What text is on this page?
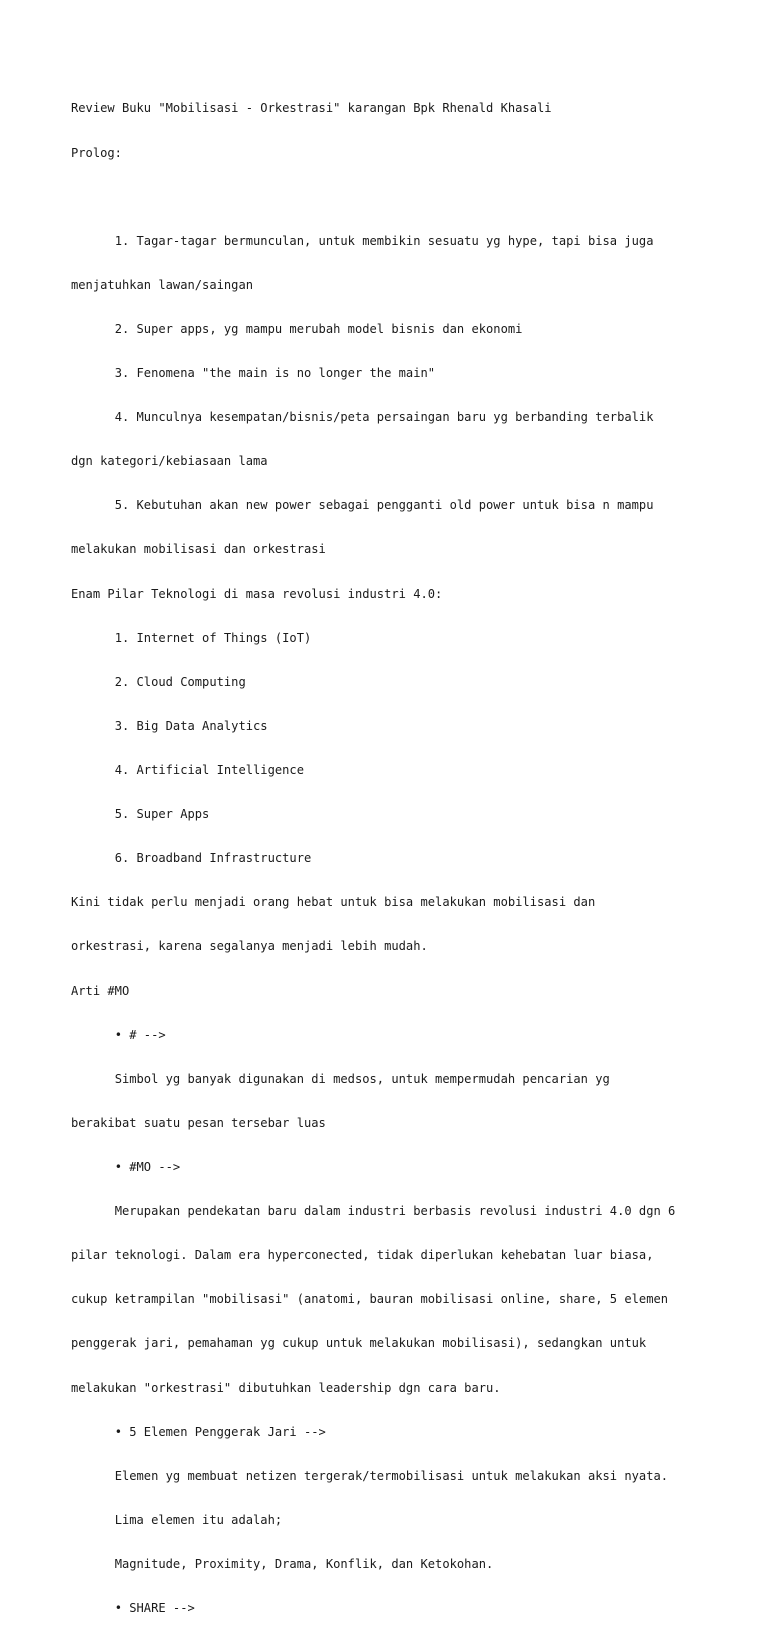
Review Buku "Mobilisasi - Orkestrasi" karangan Bpk Rhenald Khasali

Prolog:

1. Tagar-tagar bermunculan, untuk membikin sesuatu yg hype, tapi bisa juga

menjatuhkan lawan/saingan

2. Super apps, yg mampu merubah model bisnis dan ekonomi

3. Fenomena "the main is no longer the main"

4. Munculnya kesempatan/bisnis/peta persaingan baru yg berbanding terbalik

dgn kategori/kebiasaan lama

5. Kebutuhan akan new power sebagai pengganti old power untuk bisa n mampu

melakukan mobilisasi dan orkestrasi

Enam Pilar Teknologi di masa revolusi industri 4.0:

1. Internet of Things (IoT)

2. Cloud Computing

3. Big Data Analytics

4. Artificial Intelligence

5. Super Apps

6. Broadband Infrastructure

Kini tidak perlu menjadi orang hebat untuk bisa melakukan mobilisasi dan

orkestrasi, karena segalanya menjadi lebih mudah.

Arti #MO

• # -->

Simbol yg banyak digunakan di medsos, untuk mempermudah pencarian yg

berakibat suatu pesan tersebar luas

• #MO -->

Merupakan pendekatan baru dalam industri berbasis revolusi industri 4.0 dgn 6

pilar teknologi. Dalam era hyperconected, tidak diperlukan kehebatan luar biasa,

cukup ketrampilan "mobilisasi" (anatomi, bauran mobilisasi online, share, 5 elemen

penggerak jari, pemahaman yg cukup untuk melakukan mobilisasi), sedangkan untuk

melakukan "orkestrasi" dibutuhkan leadership dgn cara baru.

• 5 Elemen Penggerak Jari -->

Elemen yg membuat netizen tergerak/termobilisasi untuk melakukan aksi nyata.

Lima elemen itu adalah;

Magnitude, Proximity, Drama, Konflik, dan Ketokohan.

• SHARE -->
